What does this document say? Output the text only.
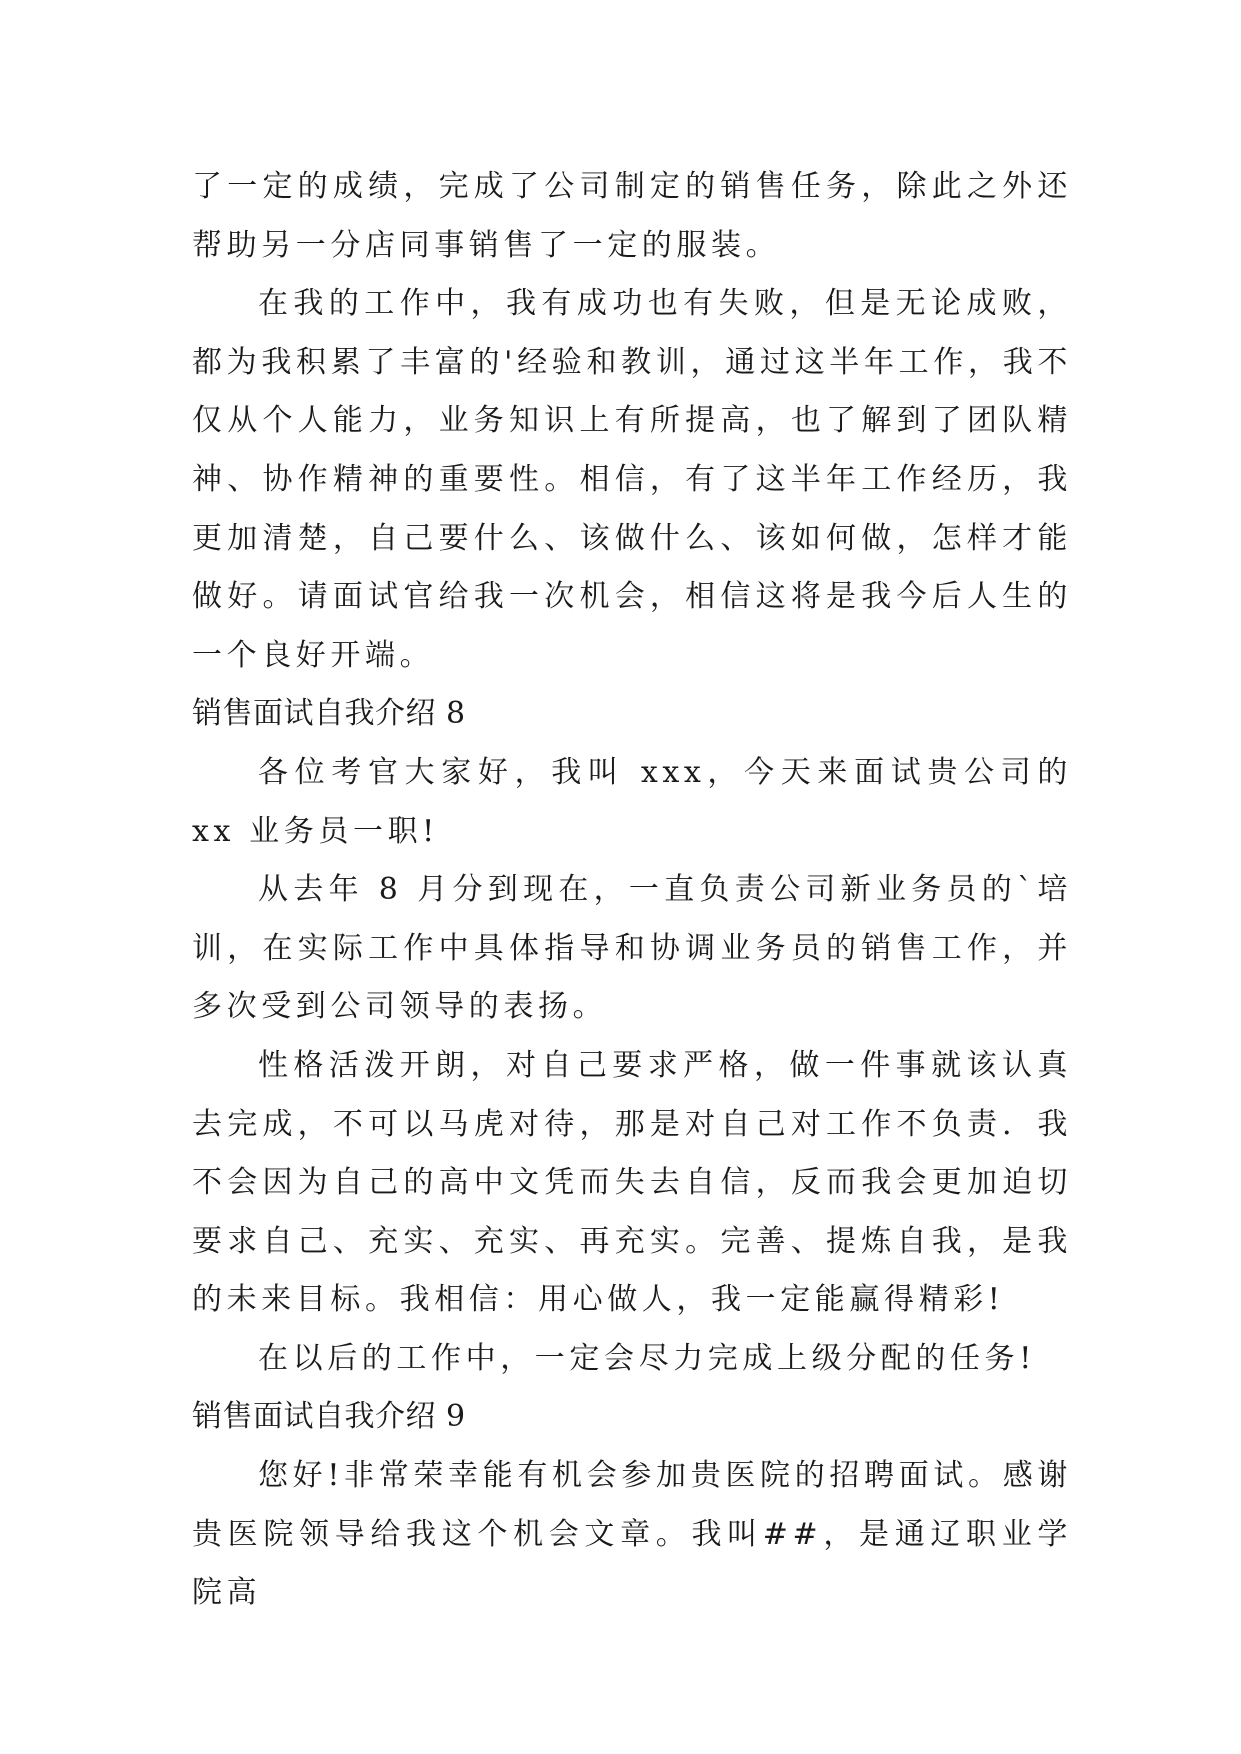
了一定的成绩，完成了公司制定的销售任务，除此之外还帮助另一分店同事销售了一定的服装。

在我的工作中，我有成功也有失败，但是无论成败，都为我积累了丰富的'经验和教训，通过这半年工作，我不仅从个人能力，业务知识上有所提高，也了解到了团队精神、协作精神的重要性。相信，有了这半年工作经历，我更加清楚，自己要什么、该做什么、该如何做，怎样才能做好。请面试官给我一次机会，相信这将是我今后人生的一个良好开端。

销售面试自我介绍 8

各位考官大家好，我叫 xxx，今天来面试贵公司的 xx 业务员一职!

从去年 8 月分到现在，一直负责公司新业务员的`培训，在实际工作中具体指导和协调业务员的销售工作，并多次受到公司领导的表扬。

性格活泼开朗，对自己要求严格，做一件事就该认真去完成，不可以马虎对待，那是对自己对工作不负责．我不会因为自己的高中文凭而失去自信，反而我会更加迫切要求自己、充实、充实、再充实。完善、提炼自我，是我的未来目标。我相信：用心做人，我一定能赢得精彩!

在以后的工作中，一定会尽力完成上级分配的任务!

销售面试自我介绍 9

您好!非常荣幸能有机会参加贵医院的招聘面试。感谢贵医院领导给我这个机会文章。我叫##，是通辽职业学院高
